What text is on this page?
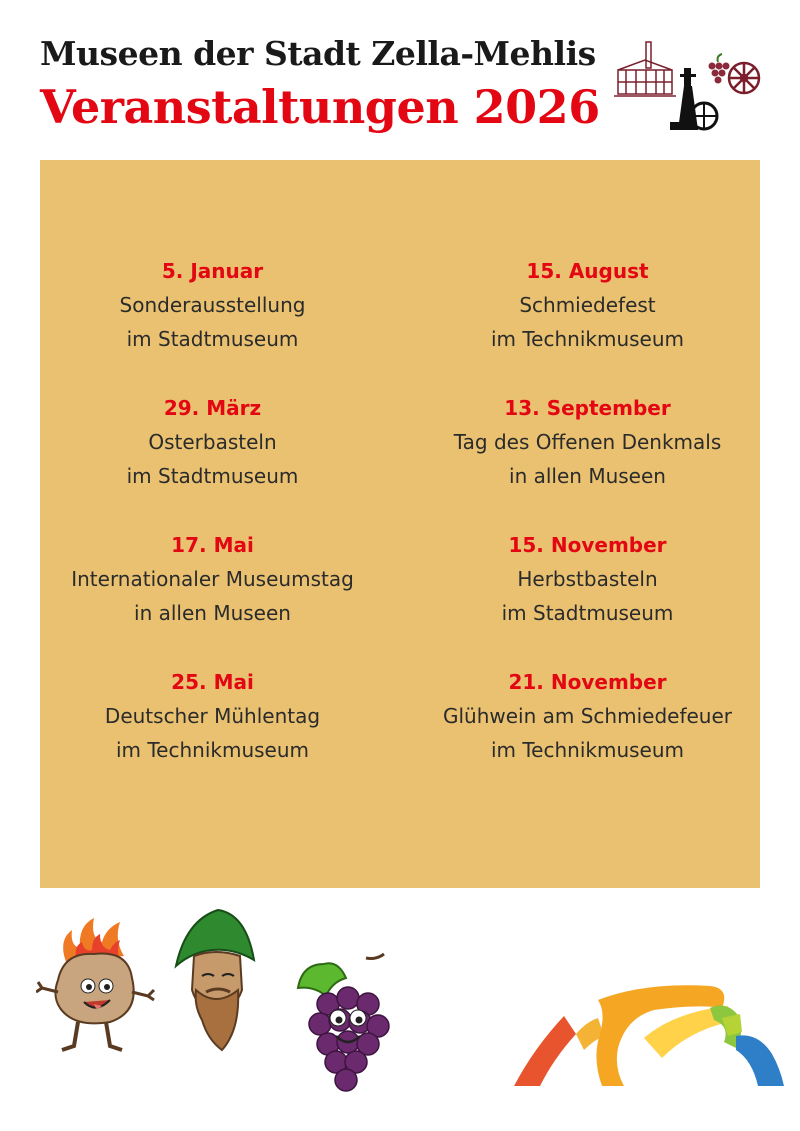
Museen der Stadt Zella-Mehlis
Veranstaltungen 2026
5. Januar
Sonderausstellung
im Stadtmuseum
29. März
Osterbasteln
im Stadtmuseum
17. Mai
Internationaler Museumstag
in allen Museen
25. Mai
Deutscher Mühlentag
im Technikmuseum
15. August
Schmiedefest
im Technikmuseum
13. September
Tag des Offenen Denkmals
in allen Museen
15. November
Herbstbasteln
im Stadtmuseum
21. November
Glühwein am Schmiedefeuer
im Technikmuseum
